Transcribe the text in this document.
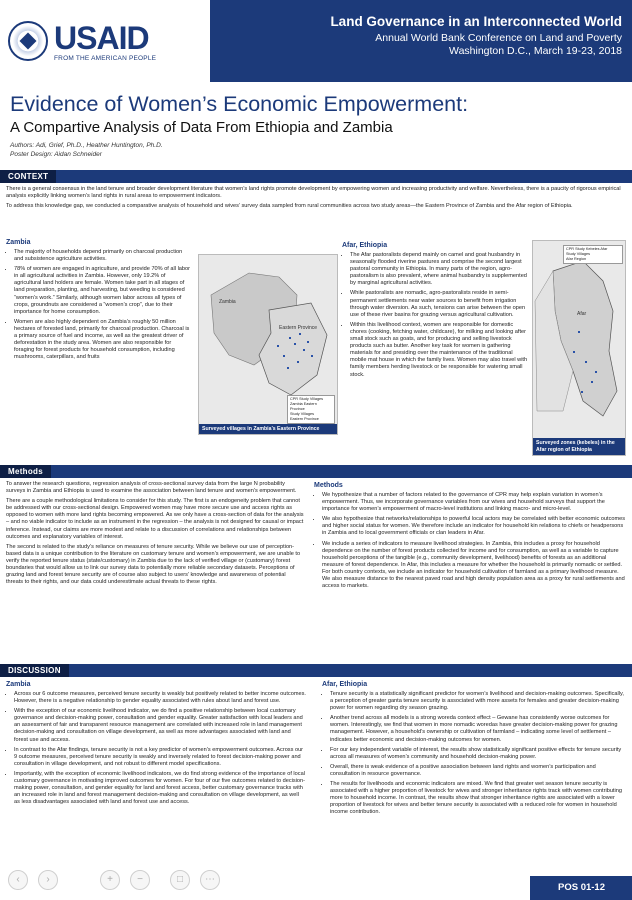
USAID
FROM THE AMERICAN PEOPLE
Land Governance in an Interconnected World
Annual World Bank Conference on Land and Poverty
Washington D.C., March 19-23, 2018
Evidence of Women’s Economic Empowerment:
A Compartive Analysis of Data From Ethiopia and Zambia
Authors: Adi, Grief, Ph.D., Heather Huntington, Ph.D.
Poster Design: Aidan Schneider
CONTEXT

There is a general consensus in the land tenure and broader development literature that women’s land rights promote development by empowering women and increasing productivity and welfare. Nevertheless, there is a paucity of rigorous empirical analysis explicitly linking women’s land rights in rural areas to empowerment indicators.

To address this knowledge gap, we conducted a comparative analysis of household and wives’ survey data sampled from rural communities across two study areas—the Eastern Province of Zambia and the Afar region of Ethiopia.

Zambia
• The majority of households depend primarily on charcoal production and subsistence agriculture activities.
• 78% of women are engaged in agriculture, and provide 70% of all labor in all agricultural activities in Zambia. However, only 19.2% of agricultural land holders are female. Women take part in all stages of land preparation, planting, and harvesting, but weeding is considered “women’s work.” Similarly, although women labor across all types of crops, groundnuts are considered a “women’s crop”, due to their importance for home consumption.
• Women are also highly dependent on Zambia’s roughly 50 million hectares of forested land, primarily for charcoal production. Charcoal is a primary source of fuel and income, as well as the greatest driver of deforestation in the study area. Women are also responsible for foraging for forest products for household consumption, including mushrooms, caterpillars, and fruits
Zambia
Eastern Province
CPR Study Villages Zambia Eastern Province
Study Villages
Eastern Province
Surveyed villages in Zambia’s Eastern Province
Afar, Ethiopia
• The Afar pastoralists depend mainly on camel and goat husbandry in seasonally flooded riverine pastures and comprise the second largest pastoral community in Ethiopia. In many parts of the region, agro-pastoralism is also prevalent, where animal husbandry is supplemented by marginal agricultural activities.
• While pastoralists are nomadic, agro-pastoralists reside in semi-permanent settlements near water sources to benefit from irrigation through water diversion. As such, tensions can arise between the open use of these river basins for grazing versus agricultural cultivation.
• Within this livelihood context, women are responsible for domestic chores (cooking, fetching water, childcare), for milking and looking after small stock such as goats, and for producing and selling livestock products such as butter. Another key task for women is gathering materials for and presiding over the maintenance of the traditional mobile mat house in which the family lives. Women may also travel with family members herding livestock or be responsible for watering small stock.
Afar
CPR Study Kebeles Afar
Study Villages
Afar Region
Surveyed zones (kebeles) in the Afar region of Ethiopia
Methods

To answer the research questions, regression analysis of cross-sectional survey data from the large N probability surveys in Zambia and Ethiopia is used to examine the association between land tenure and women’s empowerment.

There are a couple methodological limitations to consider for this study. The first is an endogeneity problem that cannot be addressed with our cross-sectional design. Empowered women may have more secure use and access rights as opposed to women with more land rights becoming empowered. As we only have a cross-section of data for the analysis – and no viable indicator to include as an instrument in the regression – the analysis is not designed for causal or impact inference. Instead, our claims are more modest and relate to a discussion of correlations and relationships between outcomes and explanatory variables of interest.

The second is related to the study’s reliance on measures of tenure security. While we believe our use of perception-based data is a unique contribution to the literature on customary tenure and women’s empowerment, we are unable to verify the reported tenure status (state/customary) in Zambia due to the lack of verified village or (customary) forest boundaries that would allow us to link our survey data to potentially more reliable secondary datasets. Perceptions of grazing land and forest tenure security are of course also subject to users’ knowledge and awareness of potential threats to their rights, and our data could underestimate actual threats to these rights.

Methods
• We hypothesize that a number of factors related to the governance of CPR may help explain variation in women’s empowerment. Thus, we incorporate governance variables from our wives and household surveys that support the importance for women’s empowerment of macro-level institutions and linking macro- and micro-level.
• We also hypothesize that networks/relationships to powerful local actors may be correlated with better economic outcomes and higher social status for women. We therefore include an indicator for household kin relations to chiefs or headpersons in Zambia and to local government officials or clan leaders in Afar.
• We include a series of indicators to measure livelihood strategies. In Zambia, this includes a proxy for household dependence on the number of forest products collected for income and for consumption, as well as a variable to capture household perceptions of the tangible (e.g., community development, livelihood) benefits of forests as an additional measure of forest dependence. In Afar, this includes a measure for whether the household is primarily nomadic or settled. For both country contexts, we include an indicator for household cultivation of farmland as a primary livelihood measure. We also measure distance to the nearest paved road and high density population area as a proxy for rural settlements and access to markets.
DISCUSSION
Zambia
• Across our 6 outcome measures, perceived tenure security is weakly but positively related to better income outcomes. However, there is a negative relationship to gender equality associated with rules about land and forest use.
• With the exception of our economic livelihood indicator, we do find a positive relationship between local customary governance and decision-making power, consultation and gender equality. Greater satisfaction with local leaders and an assessment of fair and transparent resource management are correlated with increased role in land management decision-making and consultation on village development, as well as more advantages associated with land and forest use and access.
• In contrast to the Afar findings, tenure security is not a key predictor of women’s empowerment outcomes. Across our 9 outcome measures, perceived tenure security is weakly and inversely related to forest decision-making power and consultation in village development, and not robust to different model specifications.
• Importantly, with the exception of economic livelihood indicators, we do find strong evidence of the importance of local customary governance in motivating improved outcomes for women. For four of our five outcomes related to decision-making power, consultation, and gender equality for land and forest access, better customary governance tracks with an increased role in land and forest management decision-making and consultation on village development, as well as less disadvantages associated with land and forest use and access.
Afar, Ethiopia
• Tenure security is a statistically significant predictor for women’s livelihood and decision-making outcomes. Specifically, a perception of greater ganta tenure security is associated with more assets for females and greater decision-making power for women regarding dry season grazing.
• Another trend across all models is a strong woreda context effect – Gewane has consistently worse outcomes for women. Interestingly, we find that women in more nomadic woredas have greater decision-making power for grazing management. However, a household’s ownership or cultivation of farmland – indicating some level of settlement – indicates better economic and decision-making outcomes for women.
• For our key independent variable of interest, the results show statistically significant positive effects for tenure security across all measures of women’s community and household decision-making power.
• Overall, there is weak evidence of a positive association between land rights and women’s participation and consultation in resource governance.
• The results for livelihoods and economic indicators are mixed. We find that greater wet season tenure security is associated with a higher proportion of livestock for wives and stronger inheritance rights track with women contributing more to household income. In contrast, the results show that stronger inheritance rights are associated with a lower proportion of livestock for wives and better tenure security is associated with a reduced role for women in household income contribution.
POS 01-12
‹	›	+	−	□	⋯
